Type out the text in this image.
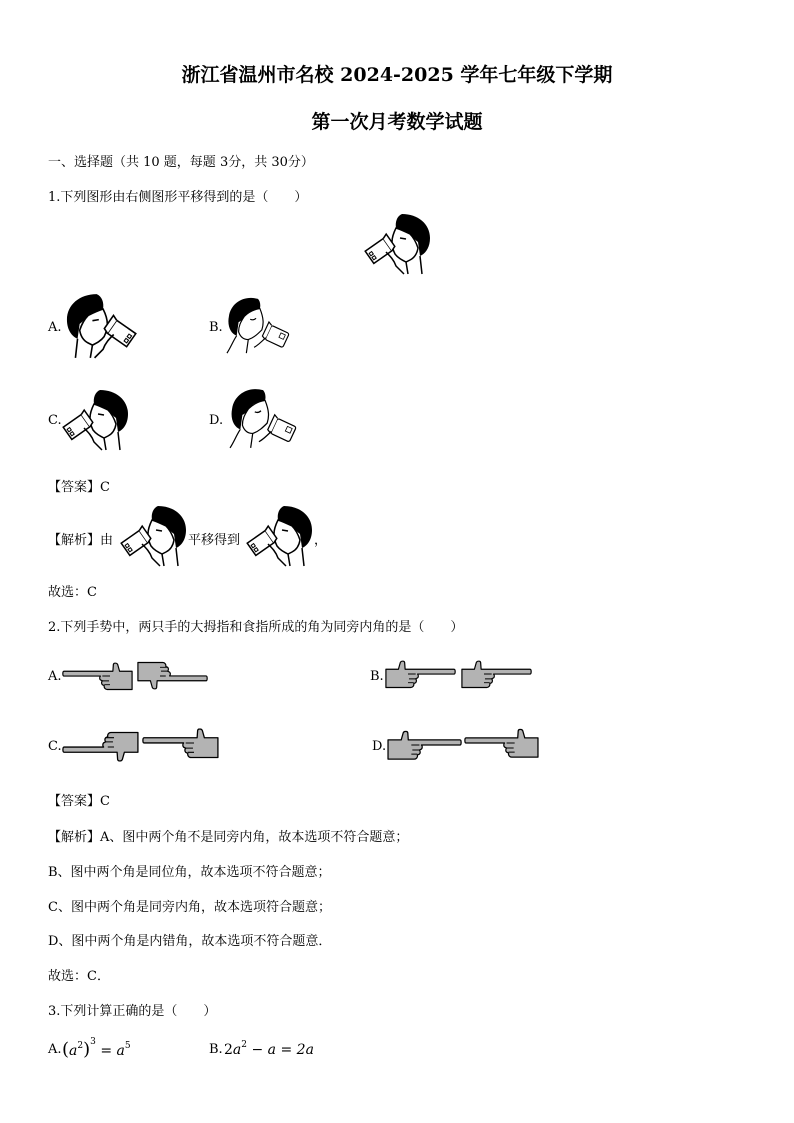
浙江省温州市名校 2024-2025 学年七年级下学期
第一次月考数学试题
一、选择题（共 10 题，每题 3分，共 30分）
1.下列图形由右侧图形平移得到的是（　　）
A.	B.
C.	D.
【答案】C
【解析】由	平移得到	，
故选：C
2.下列手势中，两只手的大拇指和食指所成的角为同旁内角的是（　　）
A.	B.
C.	D.
【答案】C
【解析】A、图中两个角不是同旁内角，故本选项不符合题意；
B、图中两个角是同位角，故本选项不符合题意；
C、图中两个角是同旁内角，故本选项符合题意；
D、图中两个角是内错角，故本选项不符合题意．
故选：C．
3.下列计算正确的是（　　）
A. $(a^2)^3 = a^5$	B. $2a^2 - a = 2a$
